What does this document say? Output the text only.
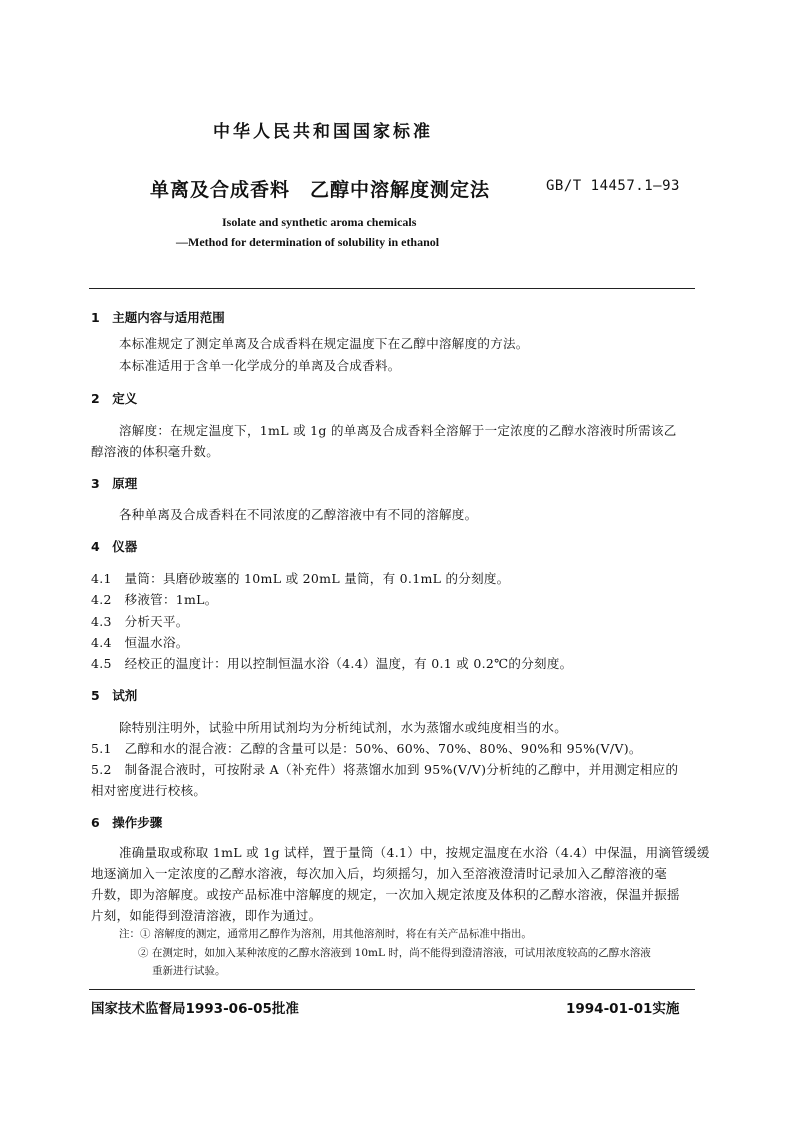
中华人民共和国国家标准
单离及合成香料　乙醇中溶解度测定法	GB/T 14457.1—93
Isolate and synthetic aroma chemicals
—Method for determination of solubility in ethanol
1　主题内容与适用范围
本标准规定了测定单离及合成香料在规定温度下在乙醇中溶解度的方法。
本标准适用于含单一化学成分的单离及合成香料。
2　定义
溶解度：在规定温度下，1mL 或 1g 的单离及合成香料全溶解于一定浓度的乙醇水溶液时所需该乙
醇溶液的体积毫升数。
3　原理
各种单离及合成香料在不同浓度的乙醇溶液中有不同的溶解度。
4　仪器
4.1　量筒：具磨砂玻塞的 10mL 或 20mL 量筒，有 0.1mL 的分刻度。
4.2　移液管：1mL。
4.3　分析天平。
4.4　恒温水浴。
4.5　经校正的温度计：用以控制恒温水浴（4.4）温度，有 0.1 或 0.2℃的分刻度。
5　试剂
除特别注明外，试验中所用试剂均为分析纯试剂，水为蒸馏水或纯度相当的水。
5.1　乙醇和水的混合液：乙醇的含量可以是：50%、60%、70%、80%、90%和 95%(V/V)。
5.2　制备混合液时，可按附录 A（补充件）将蒸馏水加到 95%(V/V)分析纯的乙醇中，并用测定相应的
相对密度进行校核。
6　操作步骤
准确量取或称取 1mL 或 1g 试样，置于量筒（4.1）中，按规定温度在水浴（4.4）中保温，用滴管缓缓
地逐滴加入一定浓度的乙醇水溶液，每次加入后，均须摇匀，加入至溶液澄清时记录加入乙醇溶液的毫
升数，即为溶解度。或按产品标准中溶解度的规定，一次加入规定浓度及体积的乙醇水溶液，保温并振摇
片刻，如能得到澄清溶液，即作为通过。
注：① 溶解度的测定，通常用乙醇作为溶剂，用其他溶剂时，将在有关产品标准中指出。
② 在测定时，如加入某种浓度的乙醇水溶液到 10mL 时，尚不能得到澄清溶液，可试用浓度较高的乙醇水溶液
重新进行试验。
国家技术监督局1993-06-05批准	1994-01-01实施
